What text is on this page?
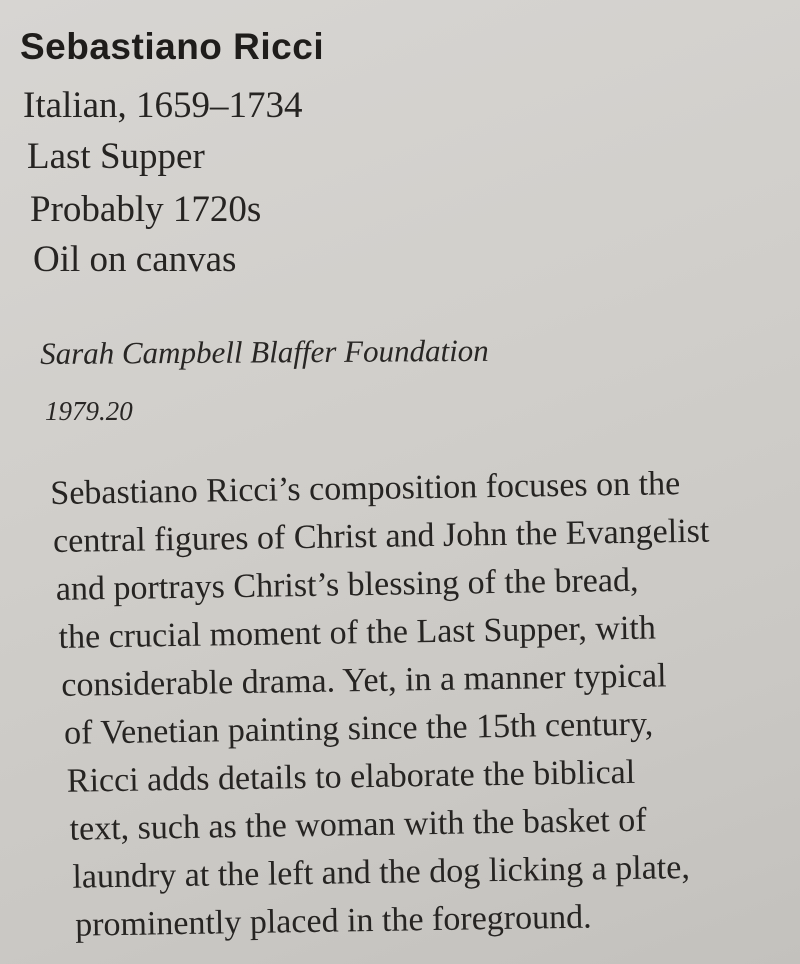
Sebastiano Ricci
Italian, 1659–1734
Last Supper
Probably 1720s
Oil on canvas
Sarah Campbell Blaffer Foundation
1979.20
Sebastiano Ricci’s composition focuses on the
central figures of Christ and John the Evangelist
and portrays Christ’s blessing of the bread,
the crucial moment of the Last Supper, with
considerable drama. Yet, in a manner typical
of Venetian painting since the 15th century,
Ricci adds details to elaborate the biblical
text, such as the woman with the basket of
laundry at the left and the dog licking a plate,
prominently placed in the foreground.
